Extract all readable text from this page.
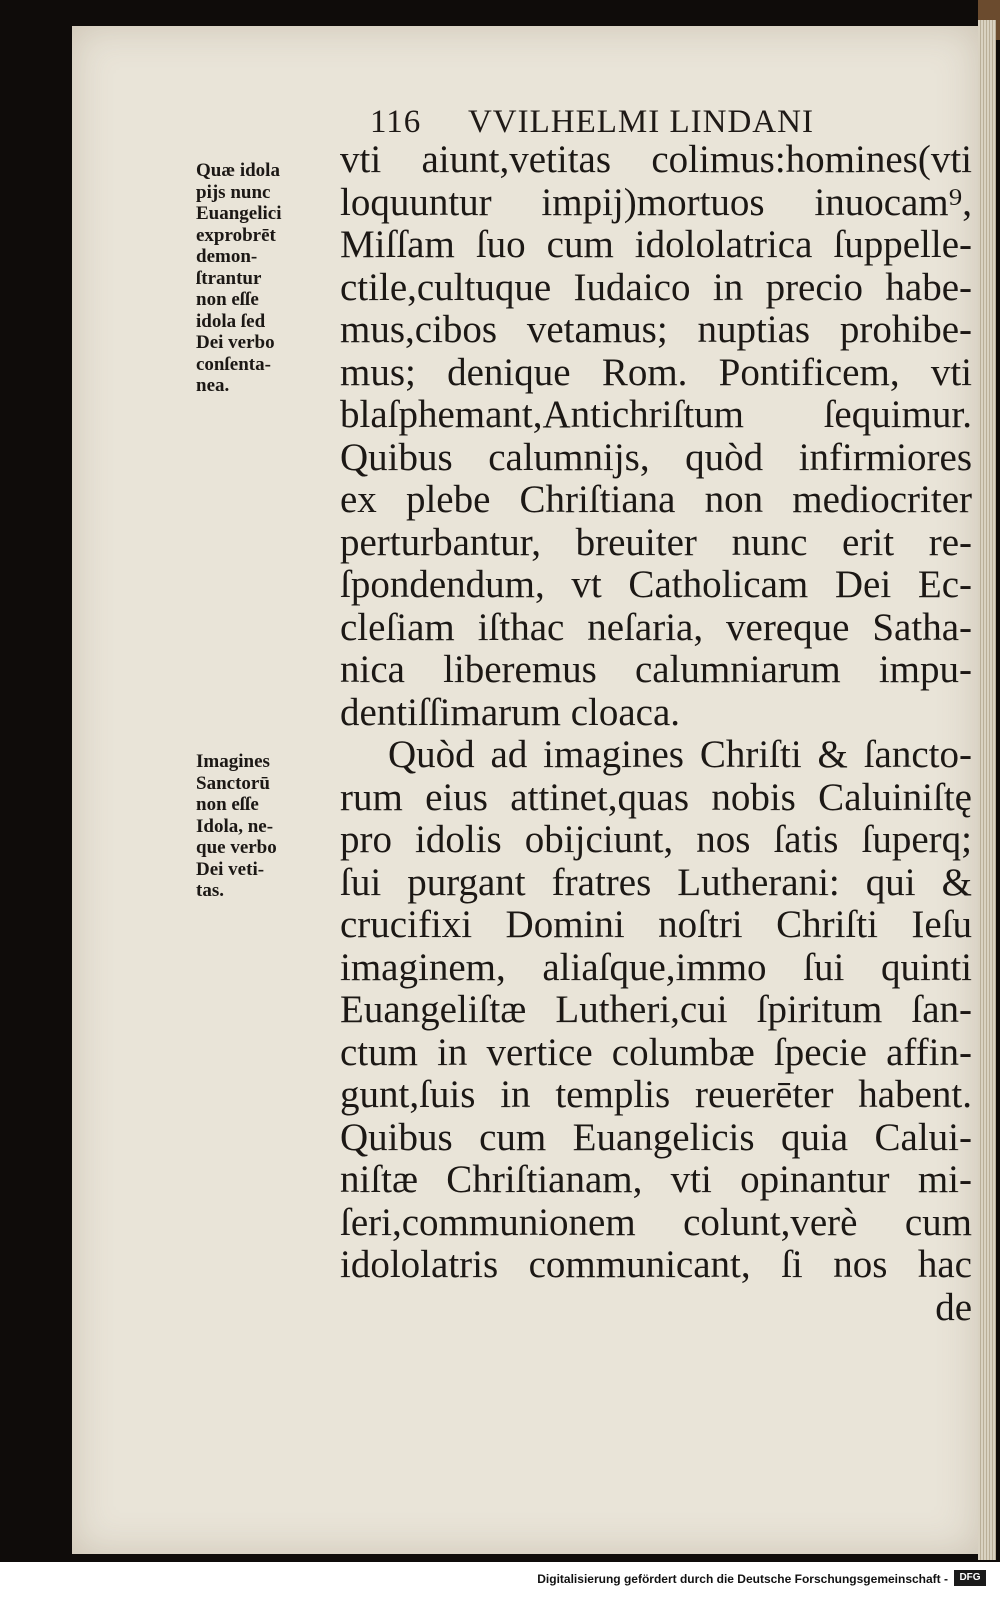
116 VVILHELMI LINDANI
Quæ idola
pijs nunc
Euangelici
exprobrēt
demon-
ſtrantur
non eſſe
idola ſed
Dei verbo
conſenta-
nea.
Imagines
Sanctorū
non eſſe
Idola, ne-
que verbo
Dei veti-
tas.
vti aiunt,vetitas colimus:homines(vti
loquuntur impij)mortuos inuocam⁹,
Miſſam ſuo cum idololatrica ſuppelle-
ctile,cultuque Iudaico in precio habe-
mus,cibos vetamus; nuptias prohibe-
mus; denique Rom. Pontificem, vti
blaſphemant,Antichriſtum ſequimur.
Quibus calumnijs, quòd infirmiores
ex plebe Chriſtiana non mediocriter
perturbantur, breuiter nunc erit re-
ſpondendum, vt Catholicam Dei Ec-
cleſiam iſthac neſaria, vereque Satha-
nica liberemus calumniarum impu-
dentiſſimarum cloaca.
Quòd ad imagines Chriſti & ſancto-
rum eius attinet,quas nobis Caluiniſtę
pro idolis obijciunt, nos ſatis ſuperq;
ſui purgant fratres Lutherani: qui &
crucifixi Domini noſtri Chriſti Ieſu
imaginem, aliaſque,immo ſui quinti
Euangeliſtæ Lutheri,cui ſpiritum ſan-
ctum in vertice columbæ ſpecie affin-
gunt,ſuis in templis reuerēter habent.
Quibus cum Euangelicis quia Calui-
niſtæ Chriſtianam, vti opinantur mi-
ſeri,communionem colunt,verè cum
idololatris communicant, ſi nos hac
de
Digitalisierung gefördert durch die Deutsche Forschungsgemeinschaft -	DFG
